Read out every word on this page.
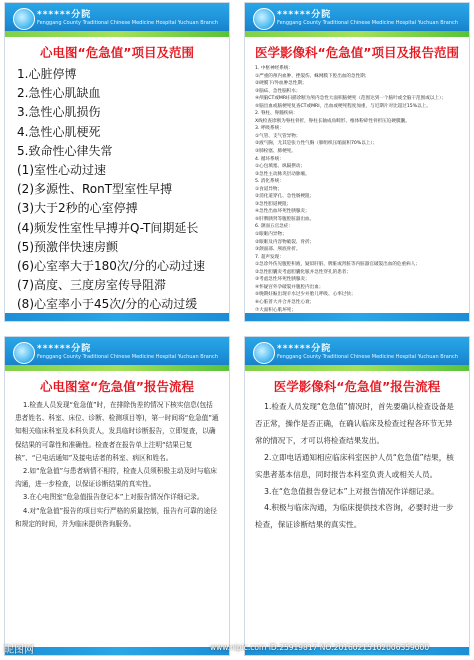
******分院
Fenggang County Traditional Chinese Medicine Hospital Yuchuan Branch
心电图“危急值”项目及范围
1.心脏停博
2.急性心肌缺血
3.急性心肌损伤
4.急性心肌梗死
5.致命性心律失常
(1)室性心动过速
(2)多源性、RonT型室性早搏
(3)大于2秒的心室停搏
(4)频发性室性早搏并Q-T间期延长
(5)预激伴快速房颤
(6)心室率大于180次/分的心动过速
(7)高度、三度房室传导阻滞
(8)心室率小于45次/分的心动过缓
******分院
Fenggang County Traditional Chinese Medicine Hospital Yuchuan Branch
医学影像科“危急值”项目及报告范围
1. 中枢神经系统：
①严重的颅内血肿、挫裂伤、蛛网膜下腔出血的急性期；
②硬膜下/外血肿急性期；
③脑疝、急性脑积水；
④颅脑CT或MRI扫描诊断为颅内急性大面积脑梗死（范围达到一个脑叶或全脑干范围或以上）；
⑤脑出血或脑梗死复查CT或MRI，出血或梗死程度加重，与近期片对比超过15%以上。
2. 脊柱、脊髓疾病：
X线检查诊断为脊柱骨折，脊柱长轴成角畸形、椎体粉碎性骨折压迫硬膜囊。
3. 呼吸系统：
①气管、支气管异物；
②液气胸，尤其是张力性气胸（肺组织压缩面积70%以上）；
③肺栓塞、肺梗死。
4. 循环系统：
①心包填塞、纵隔摆动；
②急性主动脉夹层动脉瘤。
5. 消化系统：
①食道异物；
②消化道穿孔、急性肠梗阻；
③急性胆道梗阻；
④急性出血坏死性胰腺炎；
⑤肝脾胰肾等腹腔脏器出血。
6. 颌面五官急症：
①眼眶内异物；
②眼眶及内容物破裂、骨折；
③颌面部、颅底骨折。
7. 超声发现：
①急诊外伤见腹腔积液，疑似肝脏、脾脏或肾脏等内脏器官破裂出血的危重病人；
②急性胆囊炎考虑胆囊化脓并急性穿孔的患者；
③考虑急性坏死性胰腺炎；
④怀疑宫外孕破裂并腹腔内出血；
⑤晚期妊娠出现羊水过少并胎儿呼吸、心率过快；
⑥心脏普大并合并急性心衰；
⑦大面积心肌坏死；
******分院
Fenggang County Traditional Chinese Medicine Hospital Yuchuan Branch
心电图室“危急值”报告流程

1.检查人员发现“危急值”时，在排除伪差的情况下核实信息(包括患者姓名、科室、床位、诊断、检测项目等)，第一时间将“危急值”通知相关临床科室及本科负责人，发具临时诊断报告，立即复查，以确保结果的可靠性和准确性。检查者在报告单上注明“结果已复核”、“已电话通知”及接电话者的科室、病区和姓名。

2.如“危急值”与患者病情不相符，检查人员须积极主动及时与临床沟通，进一步检查，以保证诊断结果的真实性。

3.在心电图室“危急值报告登记本”上对报告情况作详细记录。

4.对“危急值”报告的项目实行严格的质量控制，报告有可靠的途径和规定的时间，并为临床提供咨询服务。

******分院
Fenggang County Traditional Chinese Medicine Hospital Yuchuan Branch
医学影像科“危急值”报告流程

1.检查人员发现“危急值”情况时，首先要确认检查设备是否正常，操作是否正确，在确认临床及检查过程各环节无异常的情况下，才可以将检查结果发出。

2.立即电话通知相应临床科室医护人员“危急值”结果，核实患者基本信息，同时报告本科室负责人或相关人员。

3.在“危急值报告登记本”上对报告情况作详细记录。

4.积极与临床沟通，为临床提供技术咨询，必要时进一步检查，保证诊断结果的真实性。

昵图网	www.nipic.com ID:25919817 NO:20160215102006359000
